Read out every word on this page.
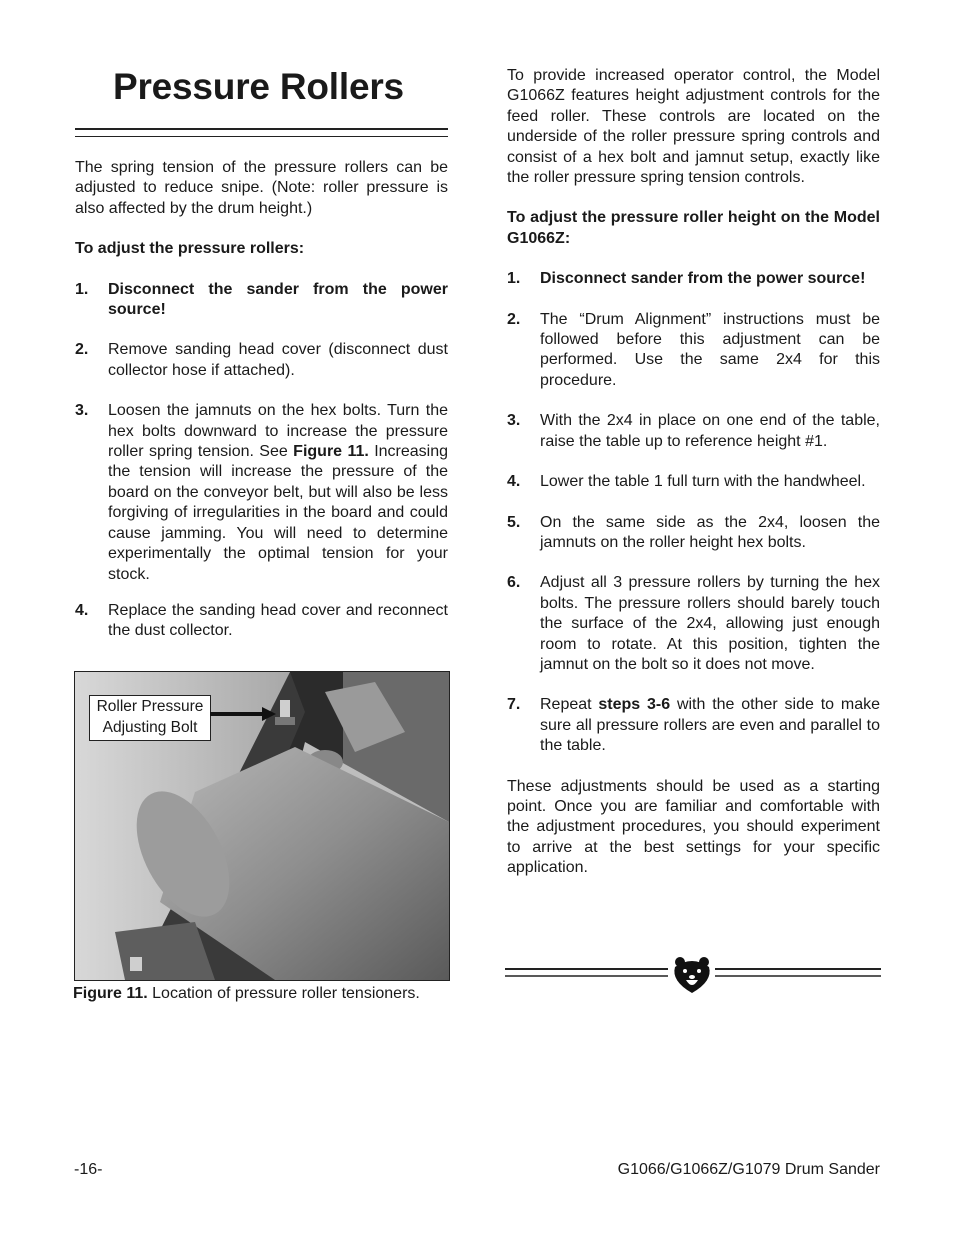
Pressure Rollers

The spring tension of the pressure rollers can be adjusted to reduce snipe. (Note: roller pressure is also affected by the drum height.)

To adjust the pressure rollers:

1.	Disconnect the sander from the power source!
2.	Remove sanding head cover (disconnect dust collector hose if attached).
3.	Loosen the jamnuts on the hex bolts. Turn the hex bolts downward to increase the pressure roller spring tension. See Figure 11. Increasing the tension will increase the pressure of the board on the conveyor belt, but will also be less forgiving of irregularities in the board and could cause jamming. You will need to determine experimentally the optimal tension for your stock.
4.	Replace the sanding head cover and reconnect the dust collector.
Roller Pressure
Adjusting Bolt
Figure 11. Location of pressure roller tensioners.

To provide increased operator control, the Model G1066Z features height adjustment controls for the feed roller. These controls are located on the underside of the roller pressure spring controls and consist of a hex bolt and jamnut setup, exactly like the roller pressure spring tension controls.

To adjust the pressure roller height on the Model G1066Z:

1.	Disconnect sander from the power source!
2.	The “Drum Alignment” instructions must be followed before this adjustment can be performed. Use the same 2x4 for this procedure.
3.	With the 2x4 in place on one end of the table, raise the table up to reference height #1.
4.	Lower the table 1 full turn with the handwheel.
5.	On the same side as the 2x4, loosen the jamnuts on the roller height hex bolts.
6.	Adjust all 3 pressure rollers by turning the hex bolts. The pressure rollers should barely touch the surface of the 2x4, allowing just enough room to rotate. At this position, tighten the jamnut on the bolt so it does not move.
7.	Repeat steps 3-6 with the other side to make sure all pressure rollers are even and parallel to the table.

These adjustments should be used as a starting point. Once you are familiar and comfortable with the adjustment procedures, you should experiment to arrive at the best settings for your specific application.

-16-	G1066/G1066Z/G1079 Drum Sander
